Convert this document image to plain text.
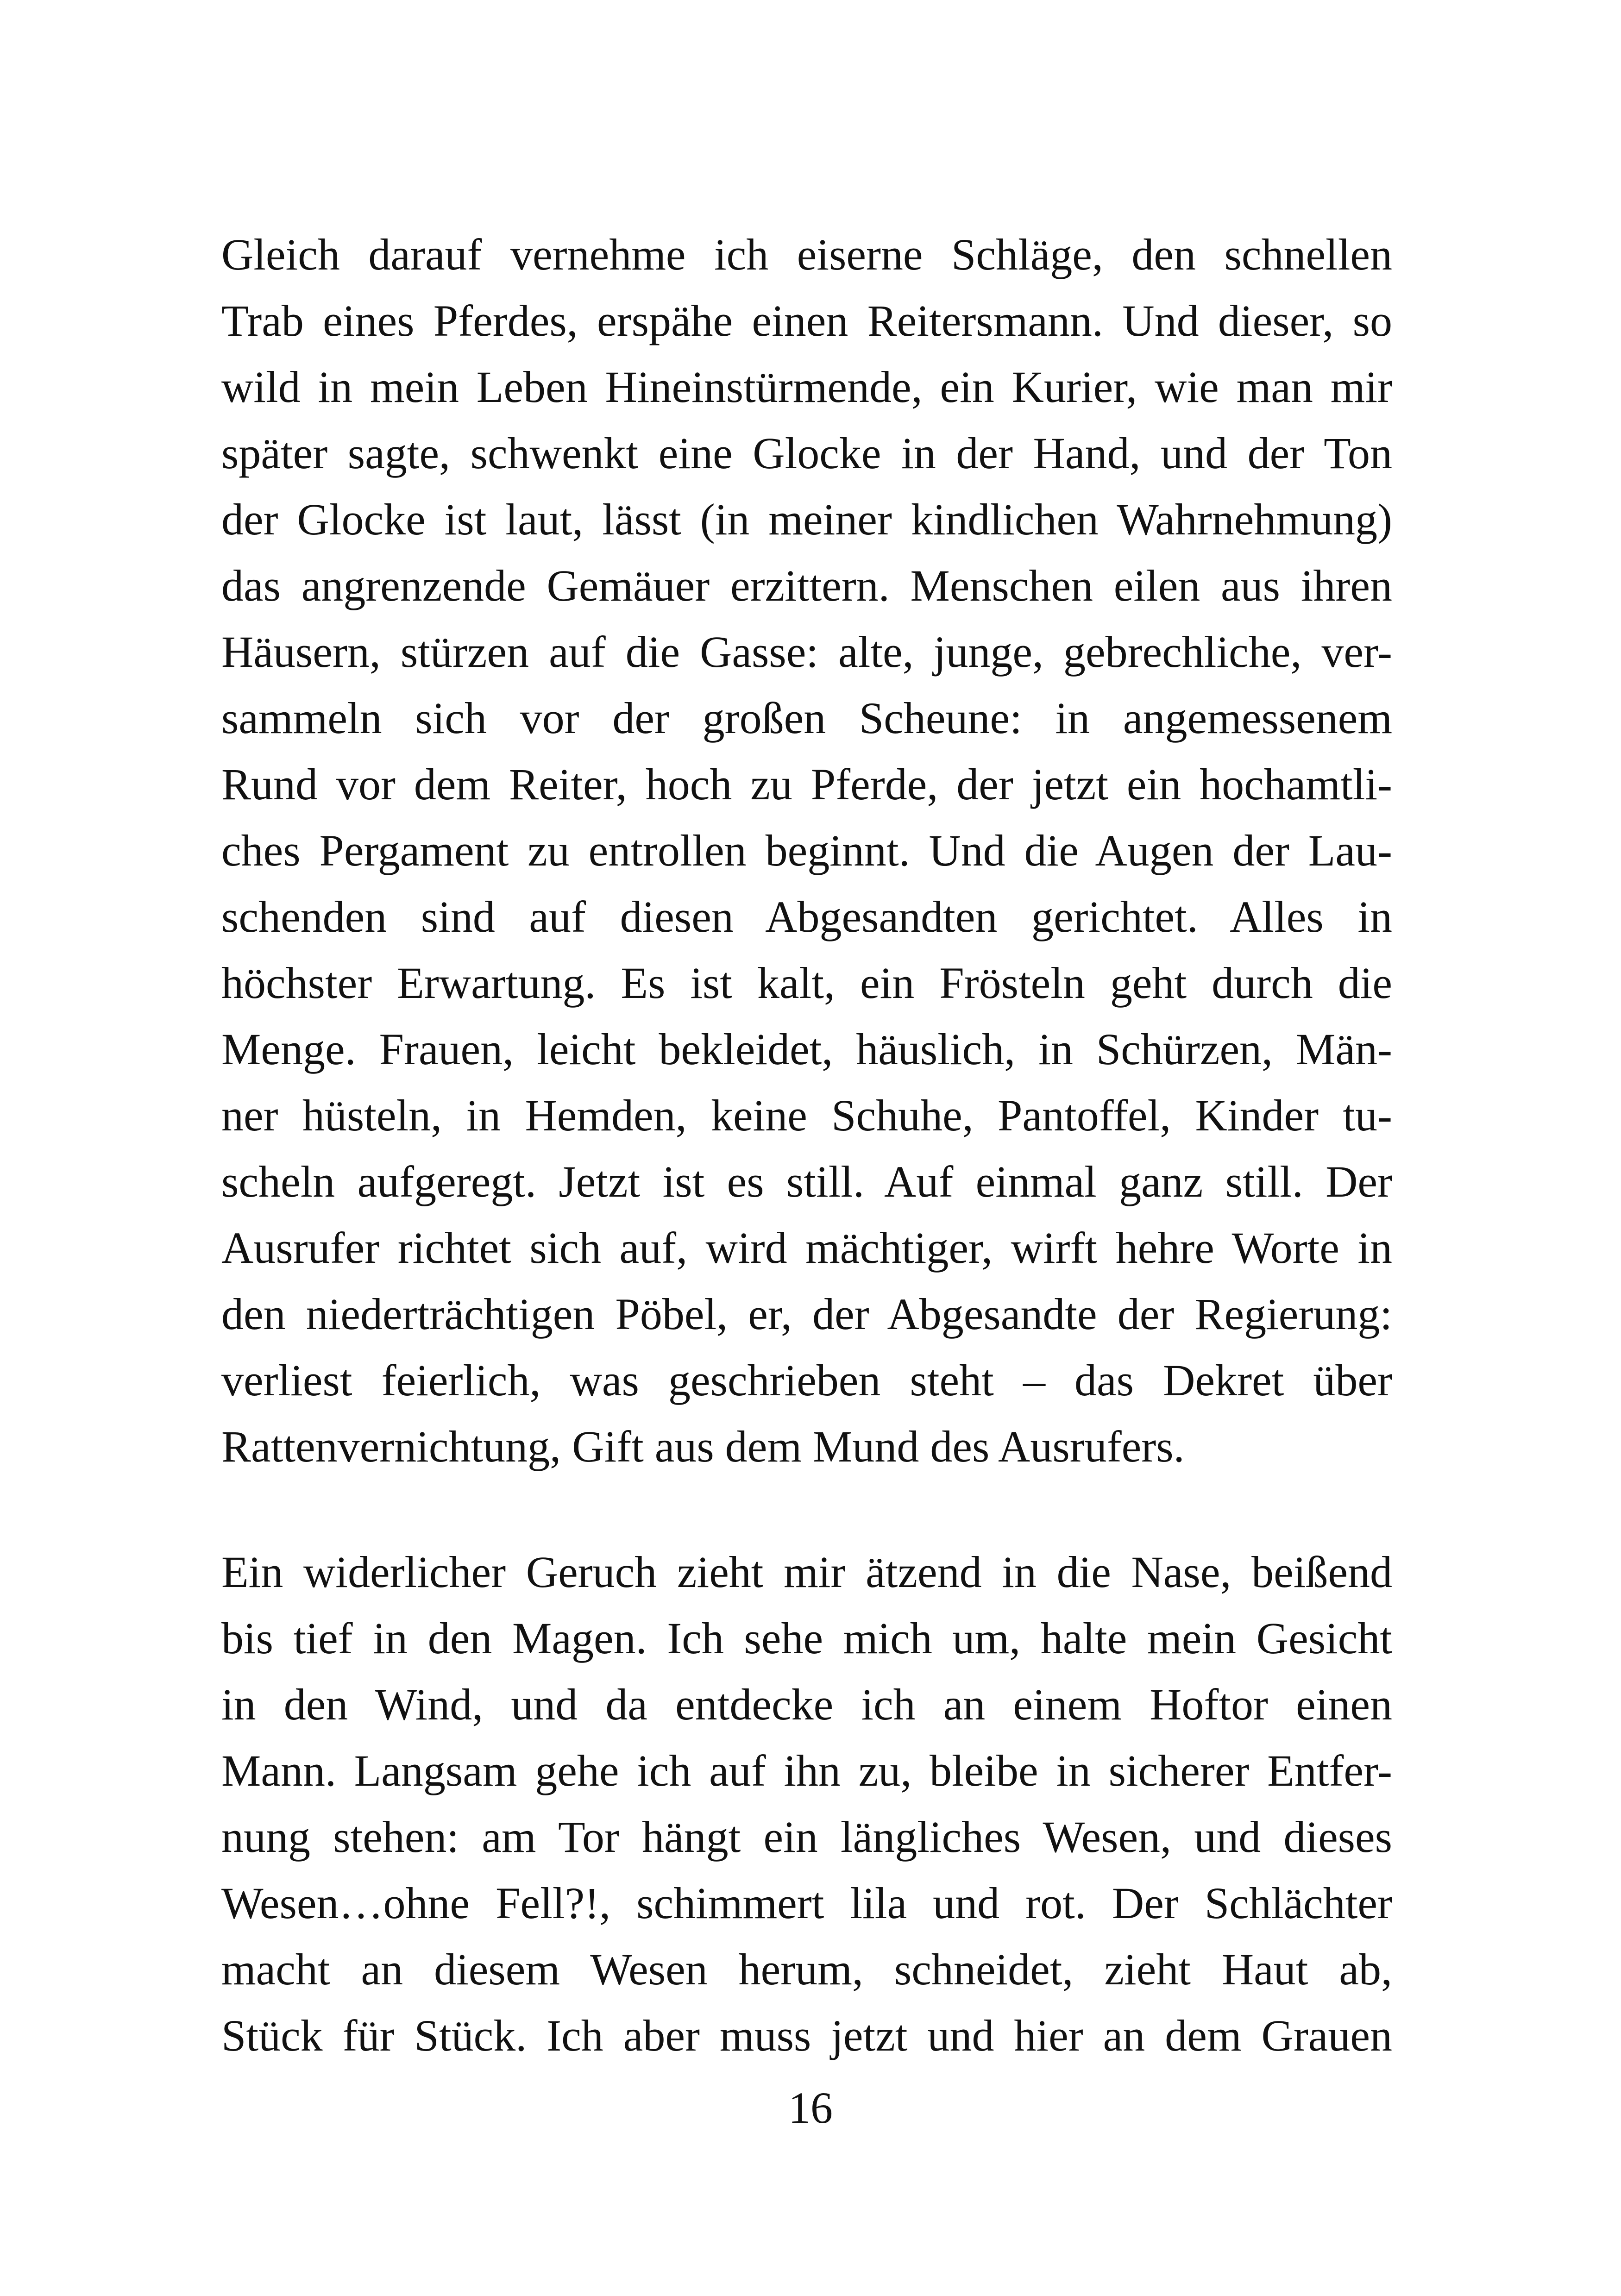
Gleich darauf vernehme ich eiserne Schläge, den schnellen
Trab eines Pferdes, erspähe einen Reitersmann. Und dieser, so
wild in mein Leben Hineinstürmende, ein Kurier, wie man mir
später sagte, schwenkt eine Glocke in der Hand, und der Ton
der Glocke ist laut, lässt (in meiner kindlichen Wahrnehmung)
das angrenzende Gemäuer erzittern. Menschen eilen aus ihren
Häusern, stürzen auf die Gasse: alte, junge, gebrechliche, ver-
sammeln sich vor der großen Scheune: in angemessenem
Rund vor dem Reiter, hoch zu Pferde, der jetzt ein hochamtli-
ches Pergament zu entrollen beginnt. Und die Augen der Lau-
schenden sind auf diesen Abgesandten gerichtet. Alles in
höchster Erwartung. Es ist kalt, ein Frösteln geht durch die
Menge. Frauen, leicht bekleidet, häuslich, in Schürzen, Män-
ner hüsteln, in Hemden, keine Schuhe, Pantoffel, Kinder tu-
scheln aufgeregt. Jetzt ist es still. Auf einmal ganz still. Der
Ausrufer richtet sich auf, wird mächtiger, wirft hehre Worte in
den niederträchtigen Pöbel, er, der Abgesandte der Regierung:
verliest feierlich, was geschrieben steht – das Dekret über
Rattenvernichtung, Gift aus dem Mund des Ausrufers.
Ein widerlicher Geruch zieht mir ätzend in die Nase, beißend
bis tief in den Magen. Ich sehe mich um, halte mein Gesicht
in den Wind, und da entdecke ich an einem Hoftor einen
Mann. Langsam gehe ich auf ihn zu, bleibe in sicherer Entfer-
nung stehen: am Tor hängt ein längliches Wesen, und dieses
Wesen…ohne Fell?!, schimmert lila und rot. Der Schlächter
macht an diesem Wesen herum, schneidet, zieht Haut ab,
Stück für Stück. Ich aber muss jetzt und hier an dem Grauen
16
